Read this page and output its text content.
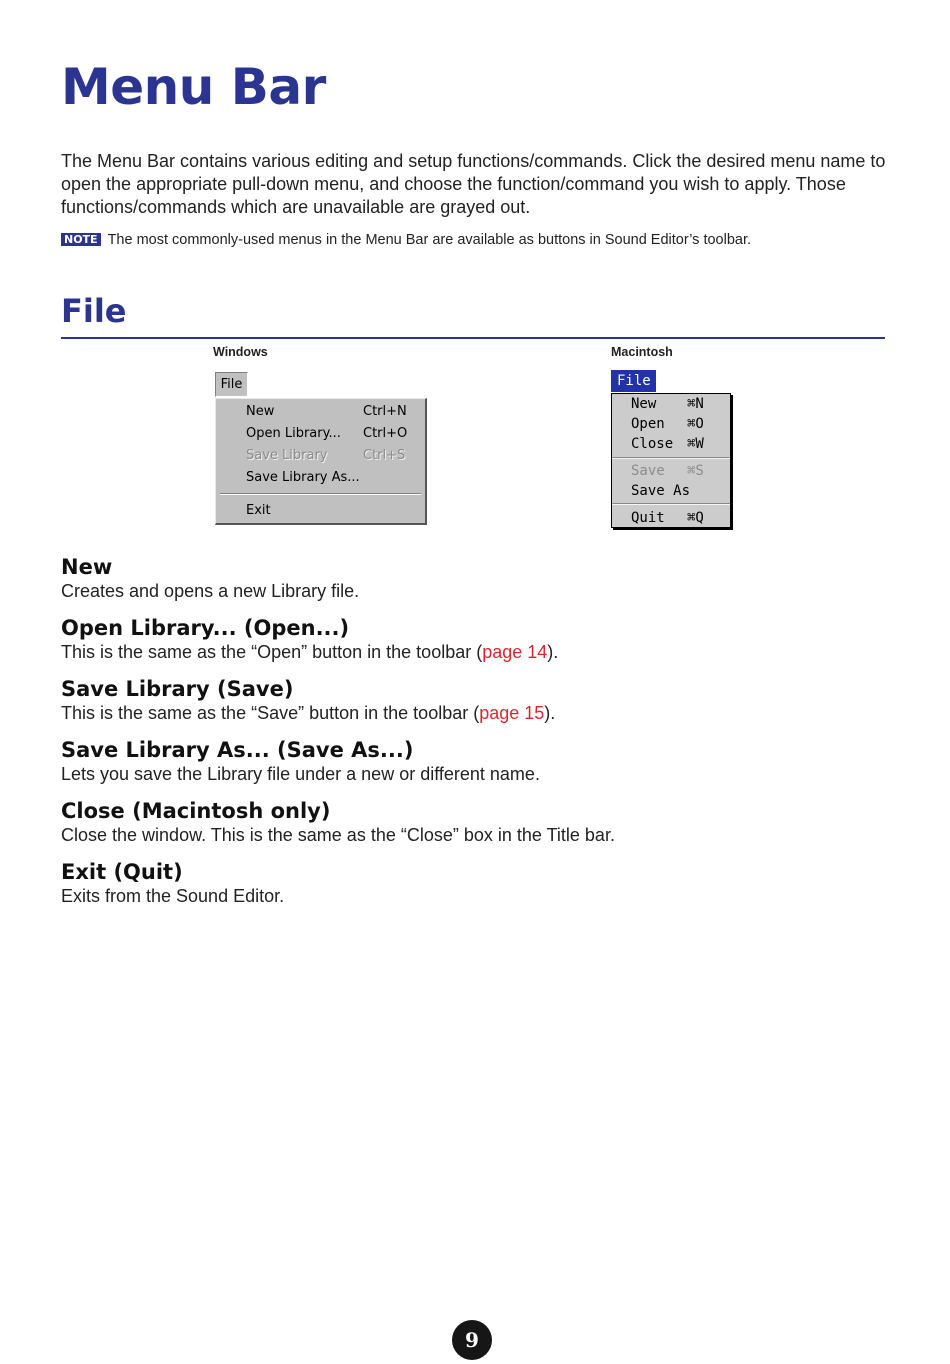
Menu Bar

The Menu Bar contains various editing and setup functions/commands. Click the desired menu name to open the appropriate pull-down menu, and choose the function/command you wish to apply. Those functions/commands which are unavailable are grayed out.

NOTE The most commonly-used menus in the Menu Bar are available as buttons in Sound Editor’s toolbar.
File
Windows
File
New	Ctrl+N
Open Library... Ctrl+O
Save Library	Ctrl+S
Save Library As...
Exit
Macintosh
File
New ⌘N
Open ⌘O
Close ⌘W
Save ⌘S
Save As
Quit ⌘Q
New

Creates and opens a new Library file.

Open Library... (Open...)

This is the same as the “Open” button in the toolbar (page 14).

Save Library (Save)

This is the same as the “Save” button in the toolbar (page 15).

Save Library As... (Save As...)

Lets you save the Library file under a new or different name.

Close (Macintosh only)

Close the window. This is the same as the “Close” box in the Title bar.

Exit (Quit)

Exits from the Sound Editor.

9
